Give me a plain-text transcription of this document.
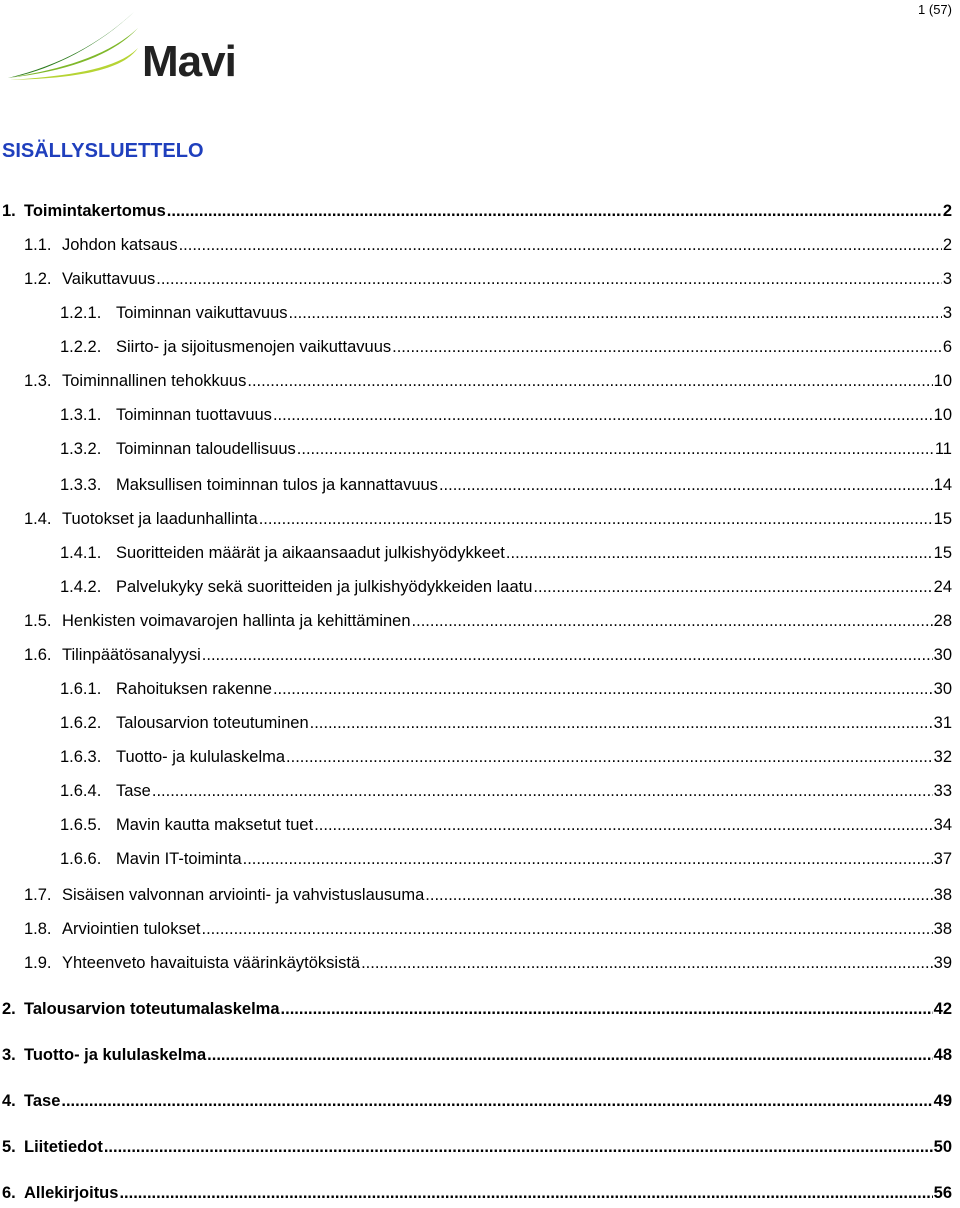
1 (57)
Mavi
SISÄLLYSLUETTELO
1. Toimintakertomus .....	2
1.1. Johdon katsaus .....	2
1.2. Vaikuttavuus .....	3
1.2.1. Toiminnan vaikuttavuus .....	3
1.2.2. Siirto- ja sijoitusmenojen vaikuttavuus .....	6
1.3. Toiminnallinen tehokkuus .....	10
1.3.1. Toiminnan tuottavuus .....	10
1.3.2. Toiminnan taloudellisuus .....	11
1.3.3. Maksullisen toiminnan tulos ja kannattavuus .....	14
1.4. Tuotokset ja laadunhallinta .....	15
1.4.1. Suoritteiden määrät ja aikaansaadut julkishyödykkeet .....	15
1.4.2. Palvelukyky sekä suoritteiden ja julkishyödykkeiden laatu .....	24
1.5. Henkisten voimavarojen hallinta ja kehittäminen .....	28
1.6. Tilinpäätösanalyysi .....	30
1.6.1. Rahoituksen rakenne .....	30
1.6.2. Talousarvion toteutuminen .....	31
1.6.3. Tuotto- ja kululaskelma .....	32
1.6.4. Tase .....	33
1.6.5. Mavin kautta maksetut tuet .....	34
1.6.6. Mavin IT-toiminta .....	37
1.7. Sisäisen valvonnan arviointi- ja vahvistuslausuma .....	38
1.8. Arviointien tulokset .....	38
1.9. Yhteenveto havaituista väärinkäytöksistä .....	39
2. Talousarvion toteutumalaskelma .....	42
3. Tuotto- ja kululaskelma .....	48
4. Tase .....	49
5. Liitetiedot .....	50
6. Allekirjoitus .....	56
